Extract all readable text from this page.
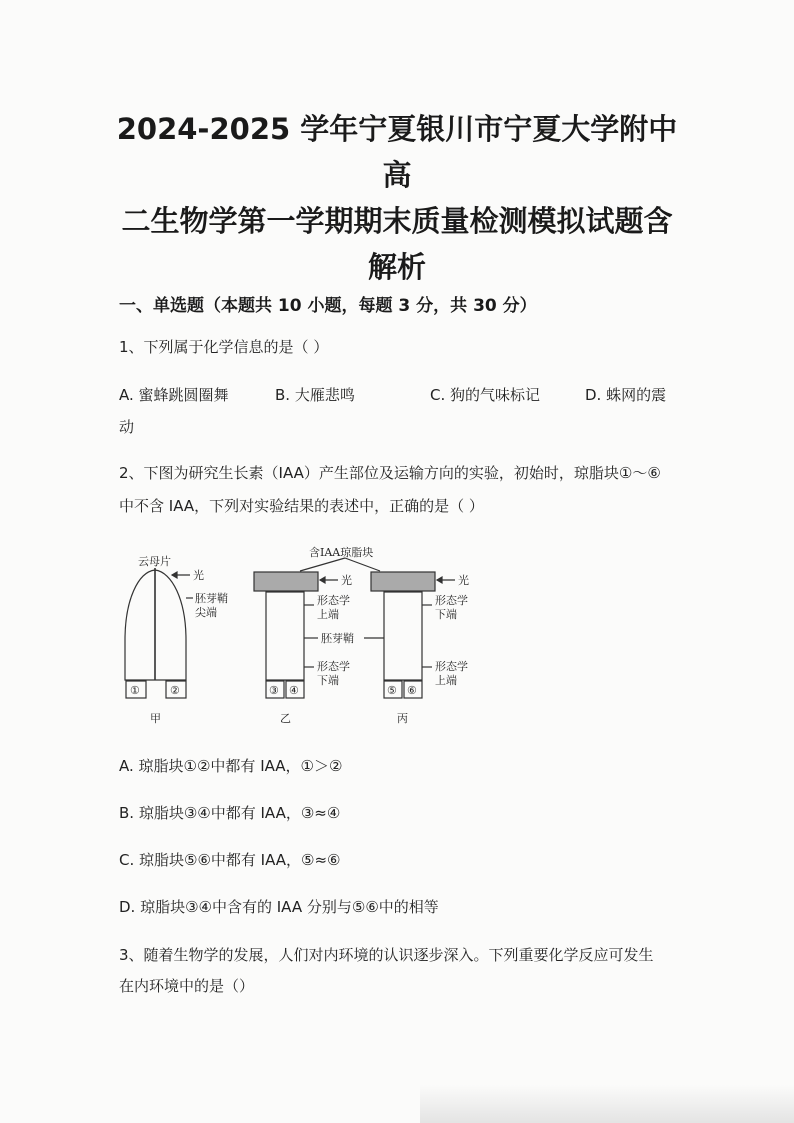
2024-2025 学年宁夏银川市宁夏大学附中高
二生物学第一学期期末质量检测模拟试题含
解析
一、单选题（本题共 10 小题，每题 3 分，共 30 分）
1、下列属于化学信息的是（ ）
A. 蜜蜂跳圆圈舞	B. 大雁悲鸣	C. 狗的气味标记	D. 蛛网的震
动
2、下图为研究生长素（IAA）产生部位及运输方向的实验，初始时，琼脂块①～⑥
中不含 IAA，下列对实验结果的表述中，正确的是（ ）
云母片
光
胚芽鞘
尖端
含IAA琼脂块
光
形态学
上端
胚芽鞘
形态学
下端
光
形态学
下端
形态学
上端
①	②	③ ④	⑤ ⑥
甲	乙	丙
A. 琼脂块①②中都有 IAA，①＞②
B. 琼脂块③④中都有 IAA，③≈④
C. 琼脂块⑤⑥中都有 IAA，⑤≈⑥
D. 琼脂块③④中含有的 IAA 分别与⑤⑥中的相等
3、随着生物学的发展，人们对内环境的认识逐步深入。下列重要化学反应可发生
在内环境中的是（）
